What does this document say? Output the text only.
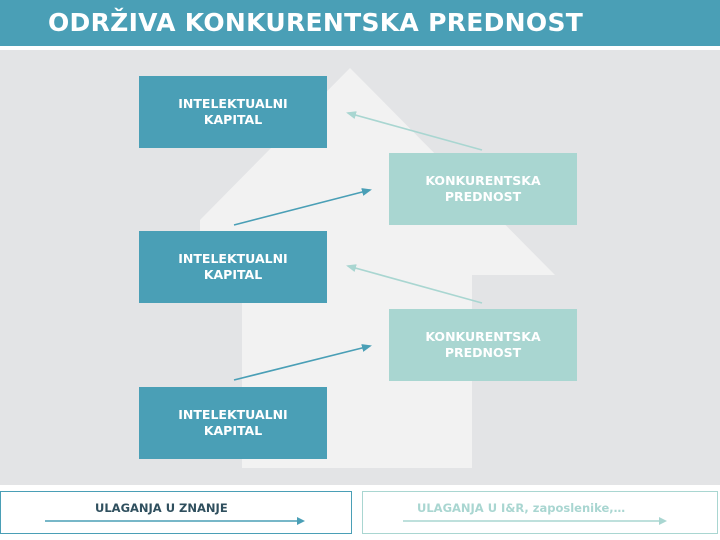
ODRŽIVA KONKURENTSKA PREDNOST
INTELEKTUALNI
KAPITAL
KONKURENTSKA
PREDNOST
INTELEKTUALNI
KAPITAL
KONKURENTSKA
PREDNOST
INTELEKTUALNI
KAPITAL
ULAGANJA U ZNANJE	ULAGANJA U I&R, zaposlenike,…
